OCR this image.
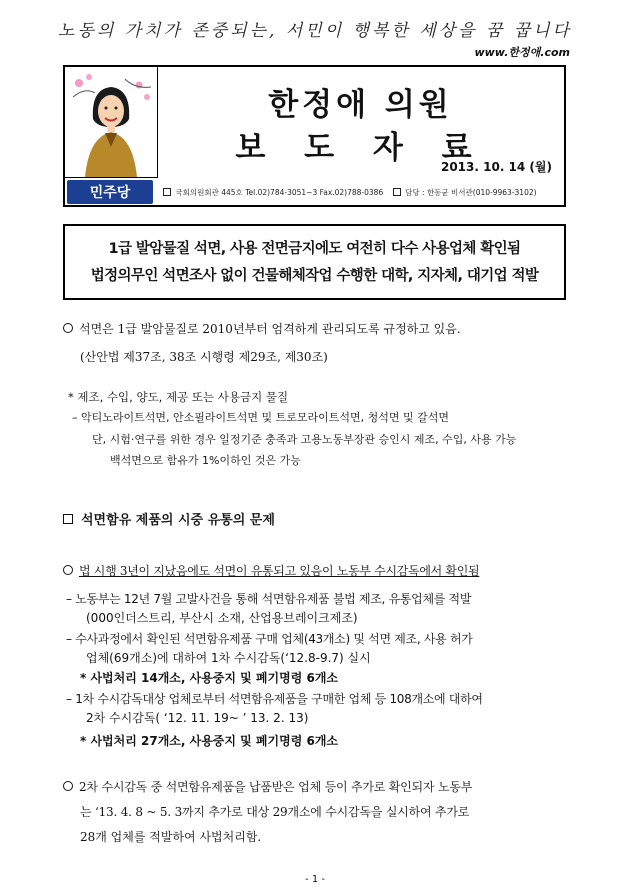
노동의 가치가 존중되는, 서민이 행복한 세상을 꿈 꿉니다
www.한정애.com
한정애 의원
보 도 자 료
2013. 10. 14 (월)
민주당	국회의원회관 445호 Tel.02)784-3051~3 Fax.02)788-0386	담당 : 한동균 비서관(010-9963-3102)
1급 발암물질 석면, 사용 전면금지에도 여전히 다수 사용업체 확인됨
법정의무인 석면조사 없이 건물해체작업 수행한 대학, 지자체, 대기업 적발
석면은 1급 발암물질로 2010년부터 엄격하게 관리되도록 규정하고 있음.
(산안법 제37조, 38조 시행령 제29조, 제30조)
* 제조, 수입, 양도, 제공 또는 사용금지 물질
– 악티노라이트석면, 안소필라이트석면 및 트로모라이트석면, 청석면 및 갈석면
단, 시험·연구를 위한 경우 일정기준 충족과 고용노동부장관 승인시 제조, 수입, 사용 가능
백석면으로 함유가 1%이하인 것은 가능
석면함유 제품의 시중 유통의 문제
법 시행 3년이 지났음에도 석면이 유통되고 있음이 노동부 수시감독에서 확인됨
– 노동부는 12년 7월 고발사건을 통해 석면함유제품 불법 제조, 유통업체를 적발
(000인더스트리, 부산시 소재, 산업용브레이크제조)
– 수사과정에서 확인된 석면함유제품 구매 업체(43개소) 및 석면 제조, 사용 허가
업체(69개소)에 대하여 1차 수시감독(‘12.8-9.7) 실시
* 사법처리 14개소, 사용중지 및 폐기명령 6개소
– 1차 수시감독대상 업체로부터 석면함유제품을 구매한 업체 등 108개소에 대하여
2차 수시감독( ‘12. 11. 19~ ’ 13. 2. 13)
* 사법처리 27개소, 사용중지 및 폐기명령 6개소
2차 수시감독 중 석면함유제품을 납품받은 업체 등이 추가로 확인되자 노동부
는 ‘13. 4. 8 ~ 5. 3까지 추가로 대상 29개소에 수시감독을 실시하여 추가로
28개 업체를 적발하여 사법처리함.
- 1 -
